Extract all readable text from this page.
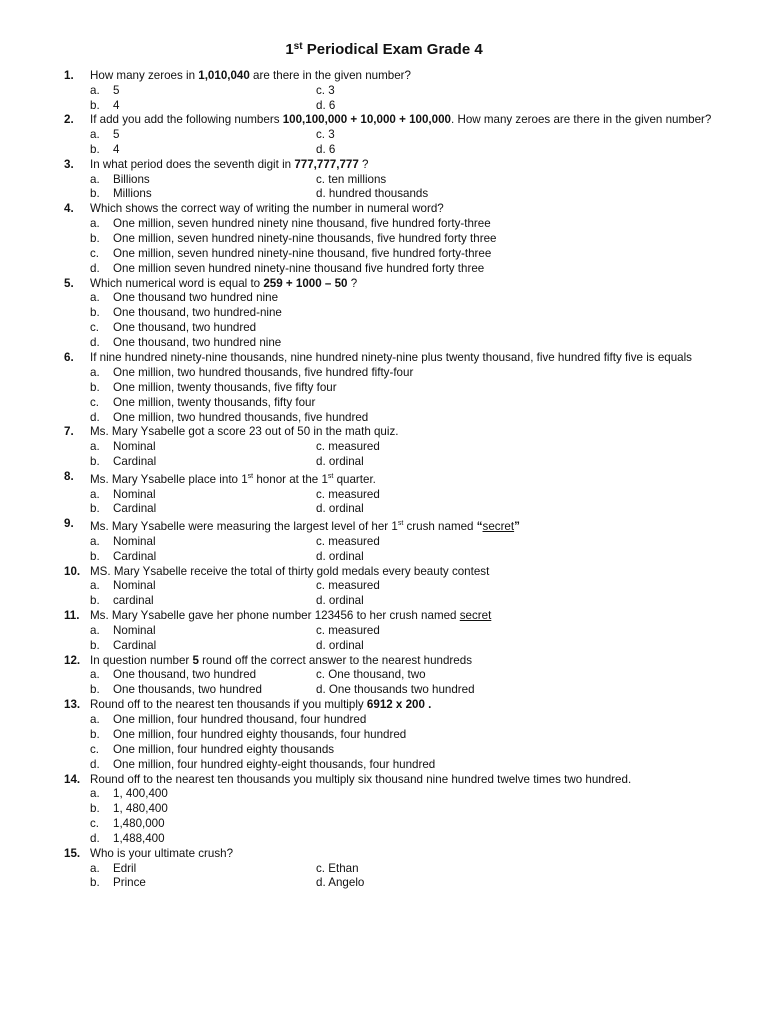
1st Periodical Exam Grade 4
1. How many zeroes in 1,010,040 are there in the given number?
a. 5	c. 3
b. 4	d. 6
2. If add you add the following numbers 100,100,000 + 10,000 + 100,000. How many zeroes are there in the given number?
a. 5	c. 3
b. 4	d. 6
3. In what period does the seventh digit in 777,777,777 ?
a. Billions	c. ten millions
b. Millions	d. hundred thousands
4. Which shows the correct way of writing the number in numeral word?
a. One million, seven hundred ninety nine thousand, five hundred forty-three
b. One million, seven hundred ninety-nine thousands, five hundred forty three
c. One million, seven hundred ninety-nine thousand, five hundred forty-three
d. One million seven hundred ninety-nine thousand five hundred forty three
5. Which numerical word is equal to 259 + 1000 – 50 ?
a. One thousand two hundred nine
b. One thousand, two hundred-nine
c. One thousand, two hundred
d. One thousand, two hundred nine
6. If nine hundred ninety-nine thousands, nine hundred ninety-nine plus twenty thousand, five hundred fifty five is equals
a. One million, two hundred thousands, five hundred fifty-four
b. One million, twenty thousands, five fifty four
c. One million, twenty thousands, fifty four
d. One million, two hundred thousands, five hundred
7. Ms. Mary Ysabelle got a score 23 out of 50 in the math quiz.
a. Nominal	c. measured
b. Cardinal	d. ordinal
8. Ms. Mary Ysabelle place into 1st honor at the 1st quarter.
a. Nominal	c. measured
b. Cardinal	d. ordinal
9. Ms. Mary Ysabelle were measuring the largest level of her 1st crush named “secret”
a. Nominal	c. measured
b. Cardinal	d. ordinal
10. MS. Mary Ysabelle receive the total of thirty gold medals every beauty contest
a. Nominal	c. measured
b. cardinal	d. ordinal
11. Ms. Mary Ysabelle gave her phone number 123456 to her crush named secret
a. Nominal	c. measured
b. Cardinal	d. ordinal
12. In question number 5 round off the correct answer to the nearest hundreds
a. One thousand, two hundred	c. One thousand, two
b. One thousands, two hundred	d. One thousands two hundred
13. Round off to the nearest ten thousands if you multiply 6912 x 200 .
a. One million, four hundred thousand, four hundred
b. One million, four hundred eighty thousands, four hundred
c. One million, four hundred eighty thousands
d. One million, four hundred eighty-eight thousands, four hundred
14. Round off to the nearest ten thousands you multiply six thousand nine hundred twelve times two hundred.
a. 1, 400,400
b. 1, 480,400
c. 1,480,000
d. 1,488,400
15. Who is your ultimate crush?
a. Edril	c. Ethan
b. Prince	d. Angelo
